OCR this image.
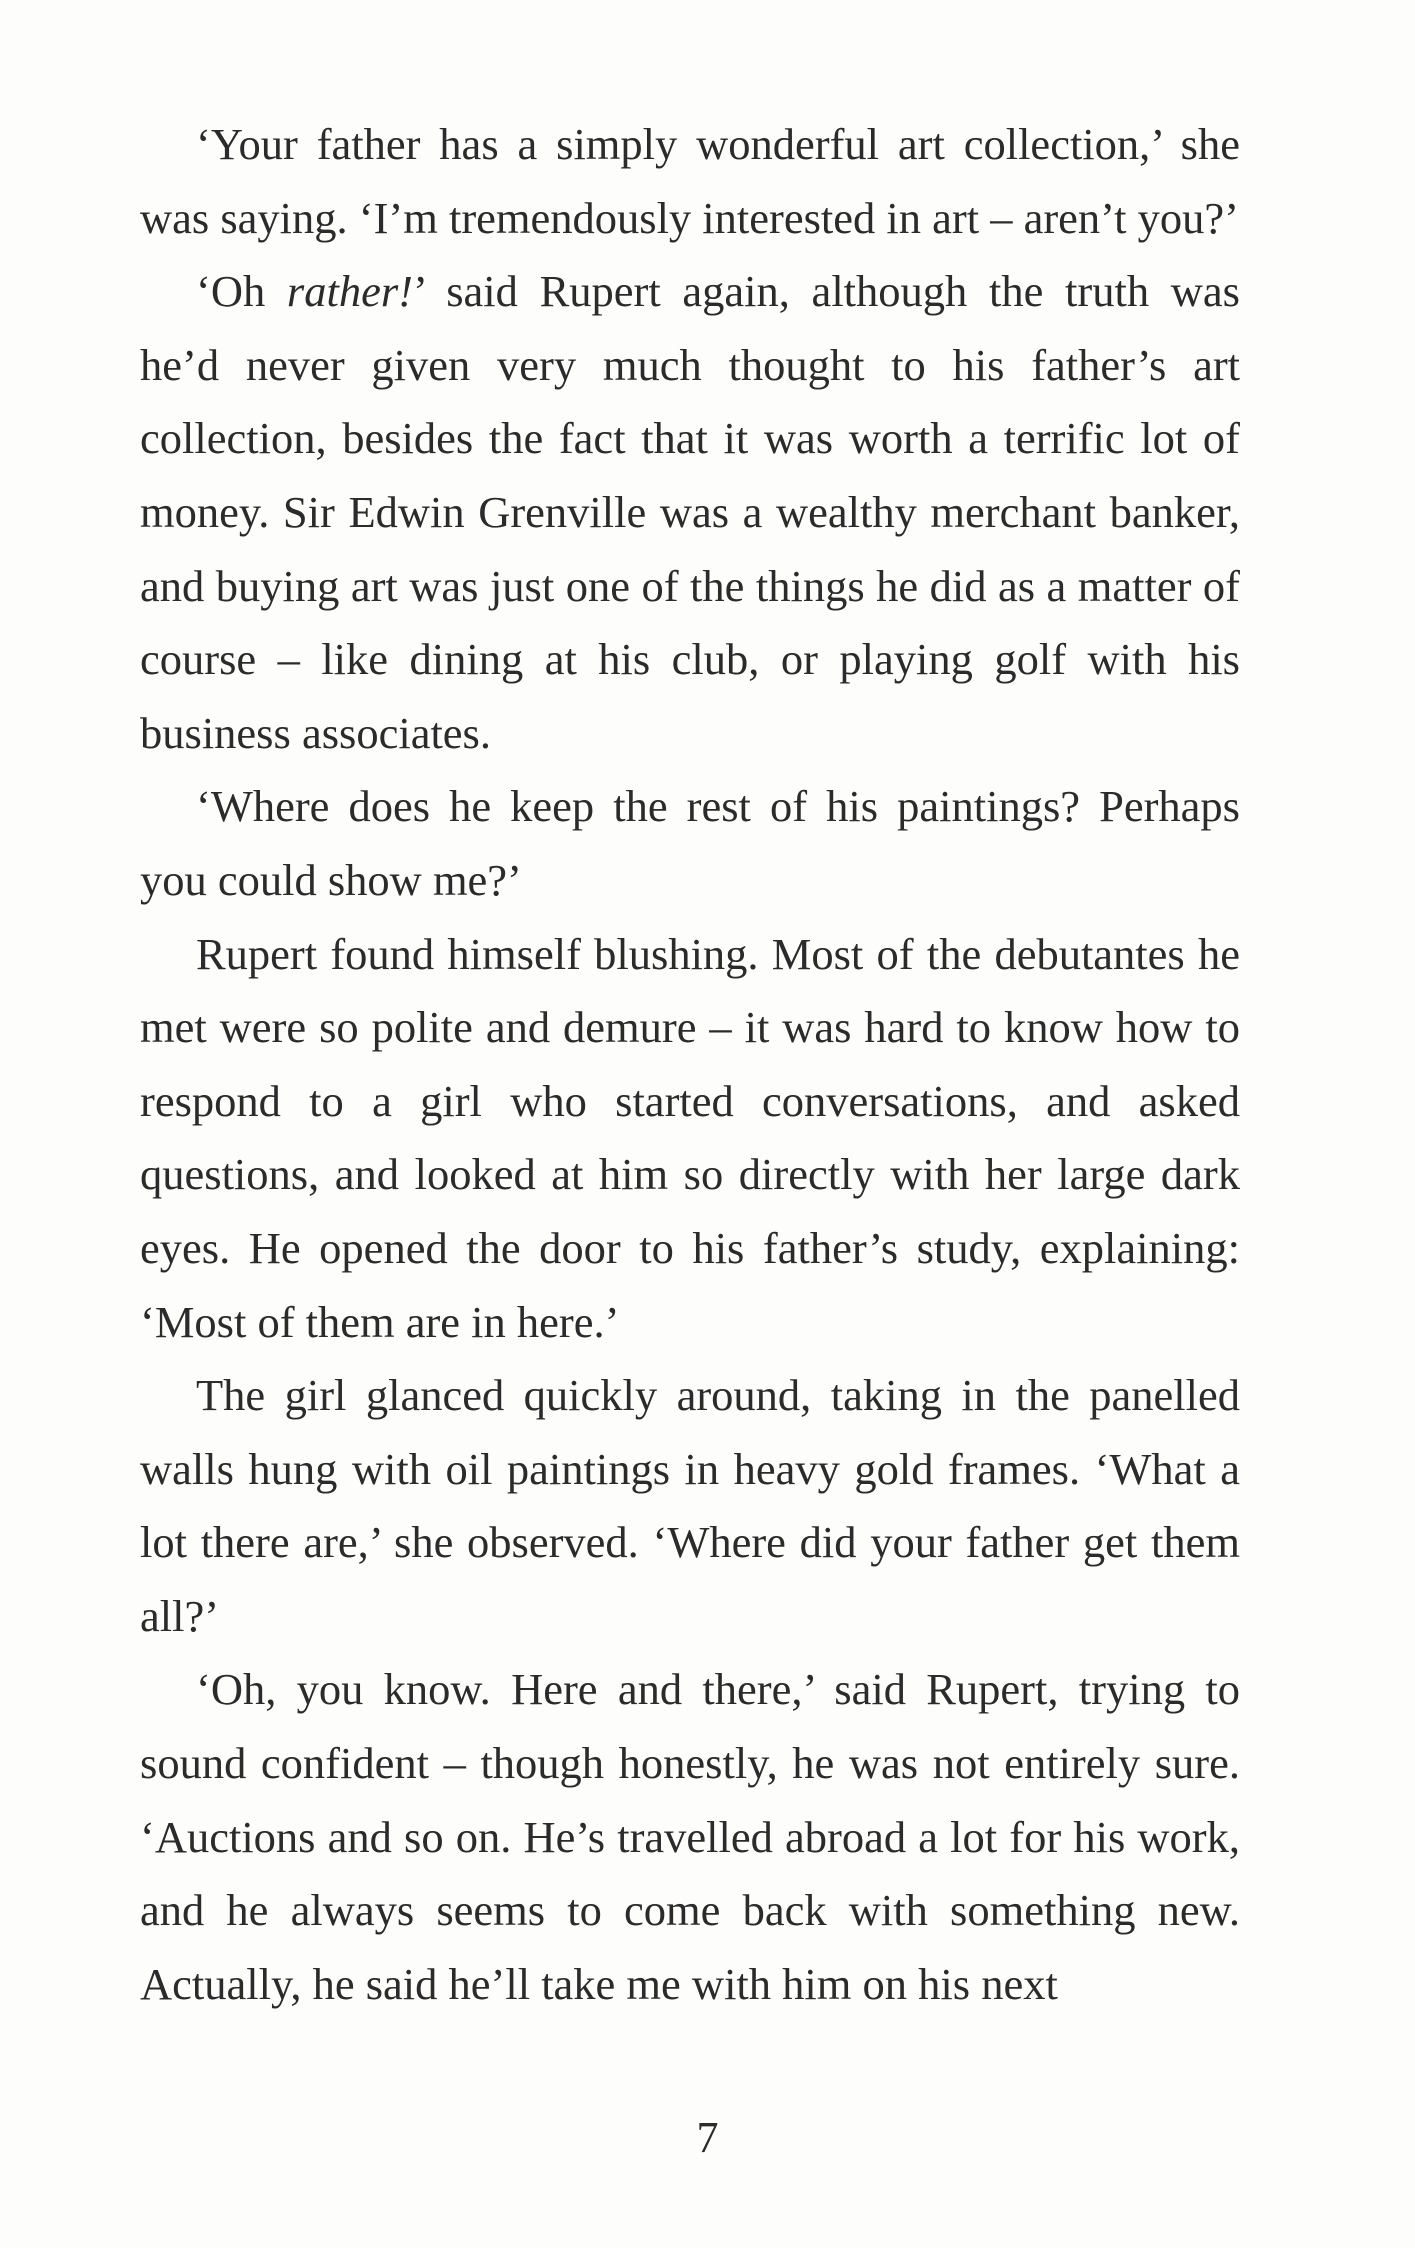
‘Your father has a simply wonderful art collection,’ she was saying. ‘I’m tremendously interested in art – aren’t you?’

‘Oh rather!’ said Rupert again, although the truth was he’d never given very much thought to his father’s art collection, besides the fact that it was worth a terrific lot of money. Sir Edwin Grenville was a wealthy merchant banker, and buying art was just one of the things he did as a matter of course – like dining at his club, or playing golf with his business associates.

‘Where does he keep the rest of his paintings? Perhaps you could show me?’

Rupert found himself blushing. Most of the debutantes he met were so polite and demure – it was hard to know how to respond to a girl who started conversations, and asked questions, and looked at him so directly with her large dark eyes. He opened the door to his father’s study, explaining: ‘Most of them are in here.’

The girl glanced quickly around, taking in the panelled walls hung with oil paintings in heavy gold frames. ‘What a lot there are,’ she observed. ‘Where did your father get them all?’

‘Oh, you know. Here and there,’ said Rupert, trying to sound confident – though honestly, he was not entirely sure. ‘Auctions and so on. He’s travelled abroad a lot for his work, and he always seems to come back with something new. Actually, he said he’ll take me with him on his next

7
